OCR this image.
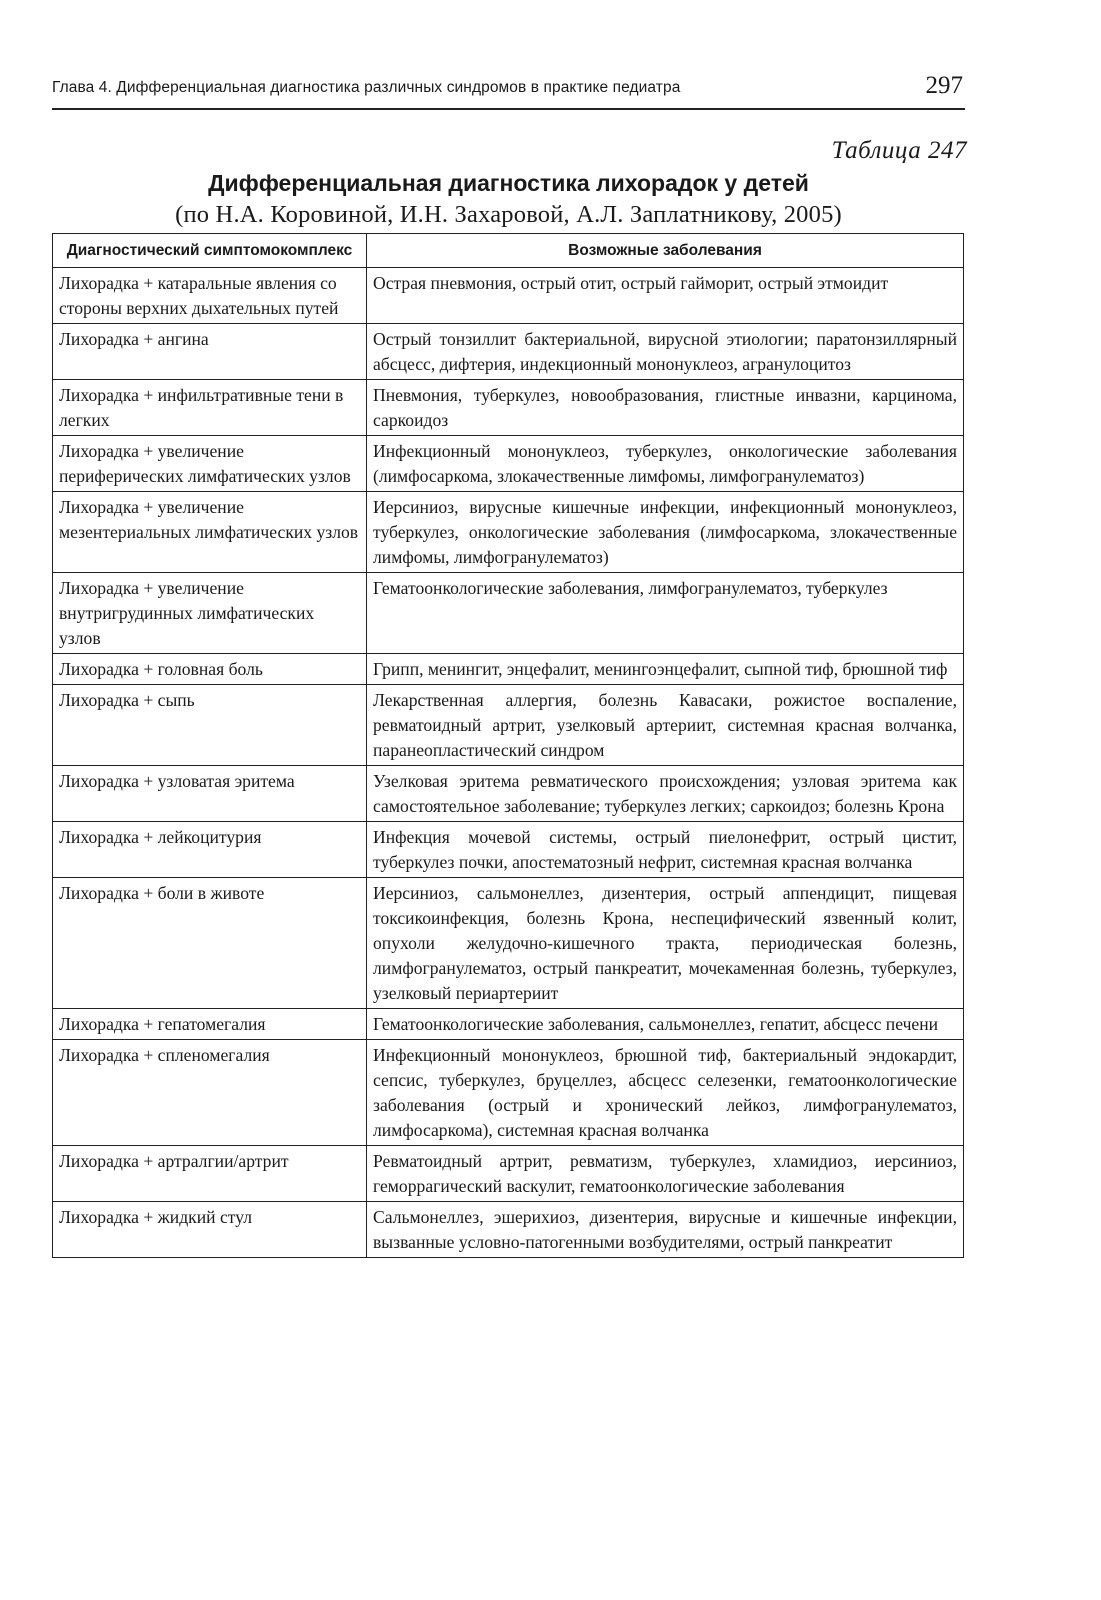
Глава 4. Дифференциальная диагностика различных синдромов в практике педиатра	297
Таблица 247
Дифференциальная диагностика лихорадок у детей
(по Н.А. Коровиной, И.Н. Захаровой, А.Л. Заплатникову, 2005)
Диагностический симптомокомплекс	Возможные заболевания
Лихорадка + катаральные явления со стороны верхних дыхательных путей	Острая пневмония, острый отит, острый гайморит, острый этмоидит
Лихорадка + ангина	Острый тонзиллит бактериальной, вирусной этиологии; паратонзиллярный абсцесс, дифтерия, индекционный мононуклеоз, агранулоцитоз
Лихорадка + инфильтративные тени в легких	Пневмония, туберкулез, новообразования, глистные инвазни, карцинома, саркоидоз
Лихорадка + увеличение периферических лимфатических узлов	Инфекционный мононуклеоз, туберкулез, онкологические заболевания (лимфосаркома, злокачественные лимфомы, лимфогранулематоз)
Лихорадка + увеличение мезентериальных лимфатических узлов	Иерсиниоз, вирусные кишечные инфекции, инфекционный мононуклеоз, туберкулез, онкологические заболевания (лимфосаркома, злокачественные лимфомы, лимфогранулематоз)
Лихорадка + увеличение внутригрудинных лимфатических узлов	Гематоонкологические заболевания, лимфогранулематоз, туберкулез
Лихорадка + головная боль	Грипп, менингит, энцефалит, менингоэнцефалит, сыпной тиф, брюшной тиф
Лихорадка + сыпь	Лекарственная аллергия, болезнь Кавасаки, рожистое воспаление, ревматоидный артрит, узелковый артериит, системная красная волчанка, паранеопластический синдром
Лихорадка + узловатая эритема	Узелковая эритема ревматического происхождения; узловая эритема как самостоятельное заболевание; туберкулез легких; саркоидоз; болезнь Крона
Лихорадка + лейкоцитурия	Инфекция мочевой системы, острый пиелонефрит, острый цистит, туберкулез почки, апостематозный нефрит, системная красная волчанка
Лихорадка + боли в животе	Иерсиниоз, сальмонеллез, дизентерия, острый аппендицит, пищевая токсикоинфекция, болезнь Крона, неспецифический язвенный колит, опухоли желудочно-кишечного тракта, периодическая болезнь, лимфогранулематоз, острый панкреатит, мочекаменная болезнь, туберкулез, узелковый периартериит
Лихорадка + гепатомегалия	Гематоонкологические заболевания, сальмонеллез, гепатит, абсцесс печени
Лихорадка + спленомегалия	Инфекционный мононуклеоз, брюшной тиф, бактериальный эндокардит, сепсис, туберкулез, бруцеллез, абсцесс селезенки, гематоонкологические заболевания (острый и хронический лейкоз, лимфогранулематоз, лимфосаркома), системная красная волчанка
Лихорадка + артралгии/артрит	Ревматоидный артрит, ревматизм, туберкулез, хламидиоз, иерсиниоз, геморрагический васкулит, гематоонкологические заболевания
Лихорадка + жидкий стул	Сальмонеллез, эшерихиоз, дизентерия, вирусные и кишечные инфекции, вызванные условно-патогенными возбудителями, острый панкреатит
